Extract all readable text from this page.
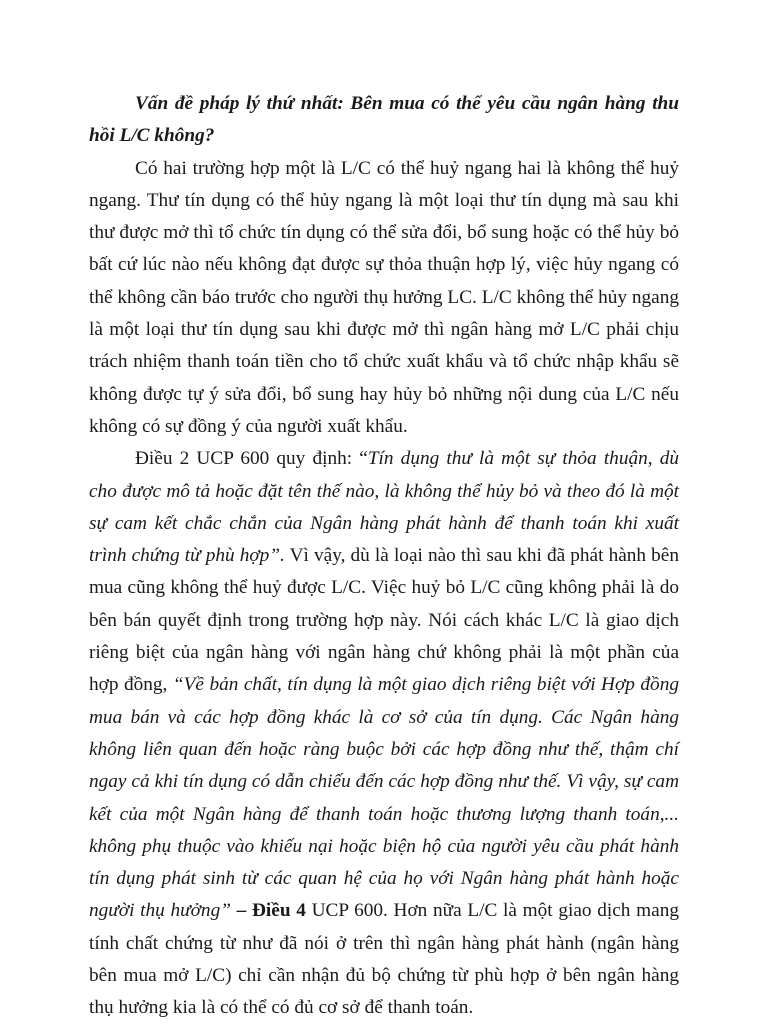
Vấn đề pháp lý thứ nhất: Bên mua có thể yêu cầu ngân hàng thu hồi L/C không?

Có hai trường hợp một là L/C có thể huỷ ngang hai là không thể huỷ ngang. Thư tín dụng có thể hủy ngang là một loại thư tín dụng mà sau khi thư được mở thì tổ chức tín dụng có thể sửa đổi, bổ sung hoặc có thể hủy bỏ bất cứ lúc nào nếu không đạt được sự thỏa thuận hợp lý, việc hủy ngang có thể không cần báo trước cho người thụ hưởng LC. L/C không thể hủy ngang là một loại thư tín dụng sau khi được mở thì ngân hàng mở L/C phải chịu trách nhiệm thanh toán tiền cho tổ chức xuất khẩu và tổ chức nhập khẩu sẽ không được tự ý sửa đổi, bổ sung hay hủy bỏ những nội dung của L/C nếu không có sự đồng ý của người xuất khẩu.

Điều 2 UCP 600 quy định: “Tín dụng thư là một sự thỏa thuận, dù cho được mô tả hoặc đặt tên thế nào, là không thể hủy bỏ và theo đó là một sự cam kết chắc chắn của Ngân hàng phát hành để thanh toán khi xuất trình chứng từ phù hợp”. Vì vậy, dù là loại nào thì sau khi đã phát hành bên mua cũng không thể huỷ được L/C. Việc huỷ bỏ L/C cũng không phải là do bên bán quyết định trong trường hợp này. Nói cách khác L/C là giao dịch riêng biệt của ngân hàng với ngân hàng chứ không phải là một phần của hợp đồng, “Về bản chất, tín dụng là một giao dịch riêng biệt với Hợp đồng mua bán và các hợp đồng khác là cơ sở của tín dụng. Các Ngân hàng không liên quan đến hoặc ràng buộc bởi các hợp đồng như thế, thậm chí ngay cả khi tín dụng có dẫn chiếu đến các hợp đồng như thế. Vì vậy, sự cam kết của một Ngân hàng để thanh toán hoặc thương lượng thanh toán,... không phụ thuộc vào khiếu nại hoặc biện hộ của người yêu cầu phát hành tín dụng phát sinh từ các quan hệ của họ với Ngân hàng phát hành hoặc người thụ hưởng” – Điều 4 UCP 600. Hơn nữa L/C là một giao dịch mang tính chất chứng từ như đã nói ở trên thì ngân hàng phát hành (ngân hàng bên mua mở L/C) chỉ cần nhận đủ bộ chứng từ phù hợp ở bên ngân hàng thụ hưởng kia là có thể có đủ cơ sở để thanh toán.
